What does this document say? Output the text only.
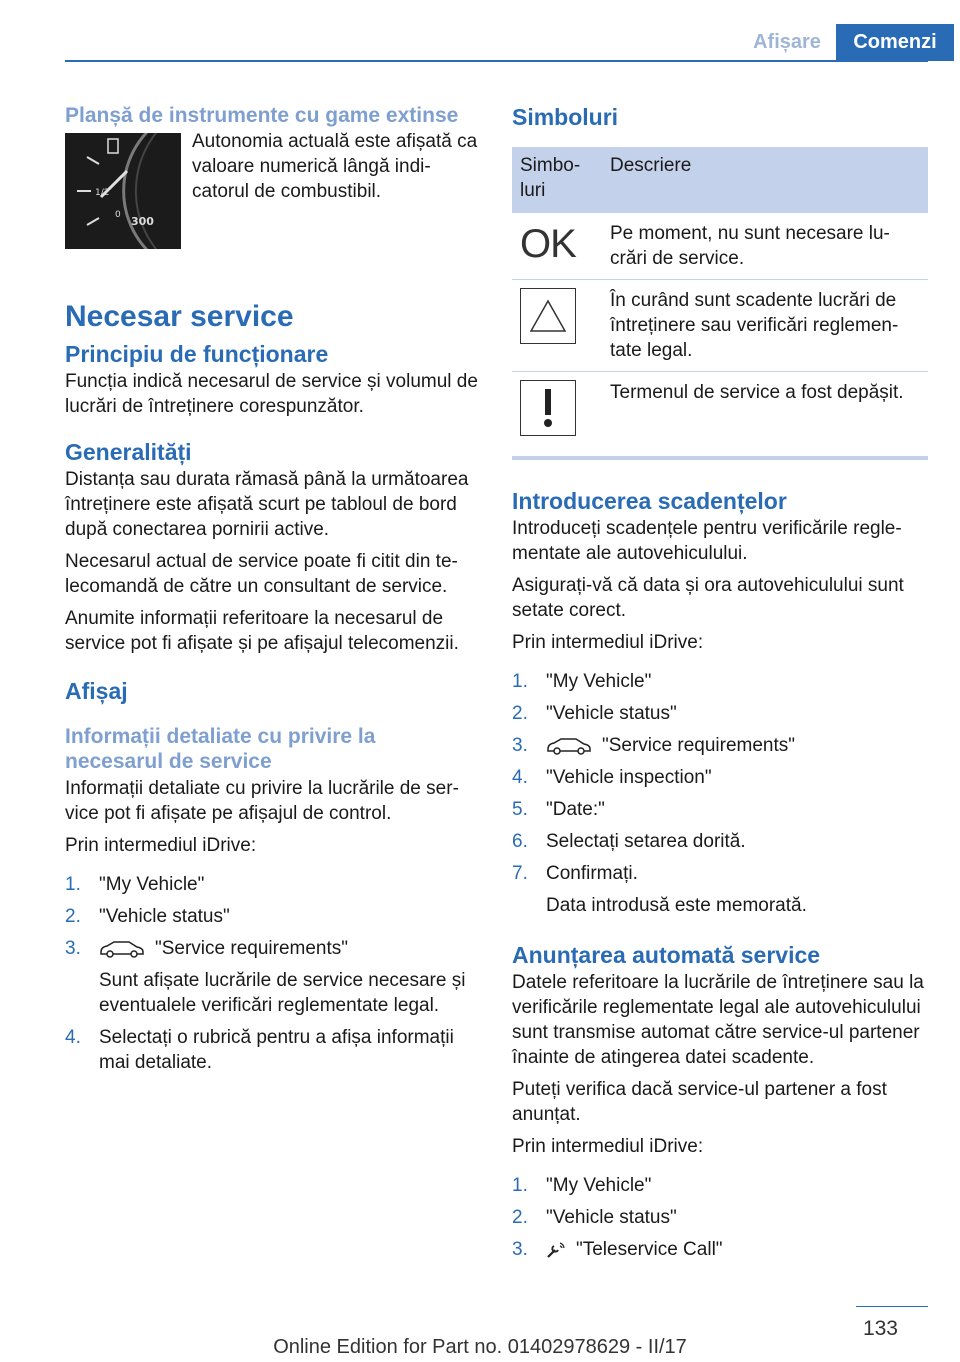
Afișare	Comenzi
Planșă de instrumente cu game extinse
1/2
0 300

Autonomia actuală este afișată ca valoare numerică lângă indicatorul de combustibil.

Necesar service
Principiu de funcționare

Funcția indică necesarul de service și volumul de lucrări de întreținere corespunzător.

Generalități

Distanța sau durata rămasă până la următoarea întreținere este afișată scurt pe tabloul de bord după conectarea pornirii active.

Necesarul actual de service poate fi citit din telecomandă de către un consultant de service.

Anumite informații referitoare la necesarul de service pot fi afișate și pe afișajul telecomenzii.

Afișaj
Informații detaliate cu privire la necesarul de service

Informații detaliate cu privire la lucrările de service pot fi afișate pe afișajul de control.

Prin intermediul iDrive:

1. "My Vehicle"
2. "Vehicle status"
3.	"Service requirements"
Sunt afișate lucrările de service necesare și eventualele verificări reglementate legal.
4. Selectați o rubrică pentru a afișa informații mai detaliate.
Simboluri
Simboluri	Descriere

OK	Pe moment, nu sunt necesare lucrări de service.

	În curând sunt scadente lucrări de întreținere sau verificări reglementate legal.

	Termenul de service a fost depășit.
Introducerea scadențelor

Introduceți scadențele pentru verificările reglementate ale autovehiculului.

Asigurați-vă că data și ora autovehiculului sunt setate corect.

Prin intermediul iDrive:

1. "My Vehicle"
2. "Vehicle status"
3.	"Service requirements"
4. "Vehicle inspection"
5. "Date:"
6. Selectați setarea dorită.
7. Confirmați.
Data introdusă este memorată.
Anunțarea automată service

Datele referitoare la lucrările de întreținere sau la verificările reglementate legal ale autovehiculului sunt transmise automat către service-ul partener înainte de atingerea datei scadente.

Puteți verifica dacă service-ul partener a fost anunțat.

Prin intermediul iDrive:

1. "My Vehicle"
2. "Vehicle status"
3.	"Teleservice Call"
133
Online Edition for Part no. 01402978629 - II/17
